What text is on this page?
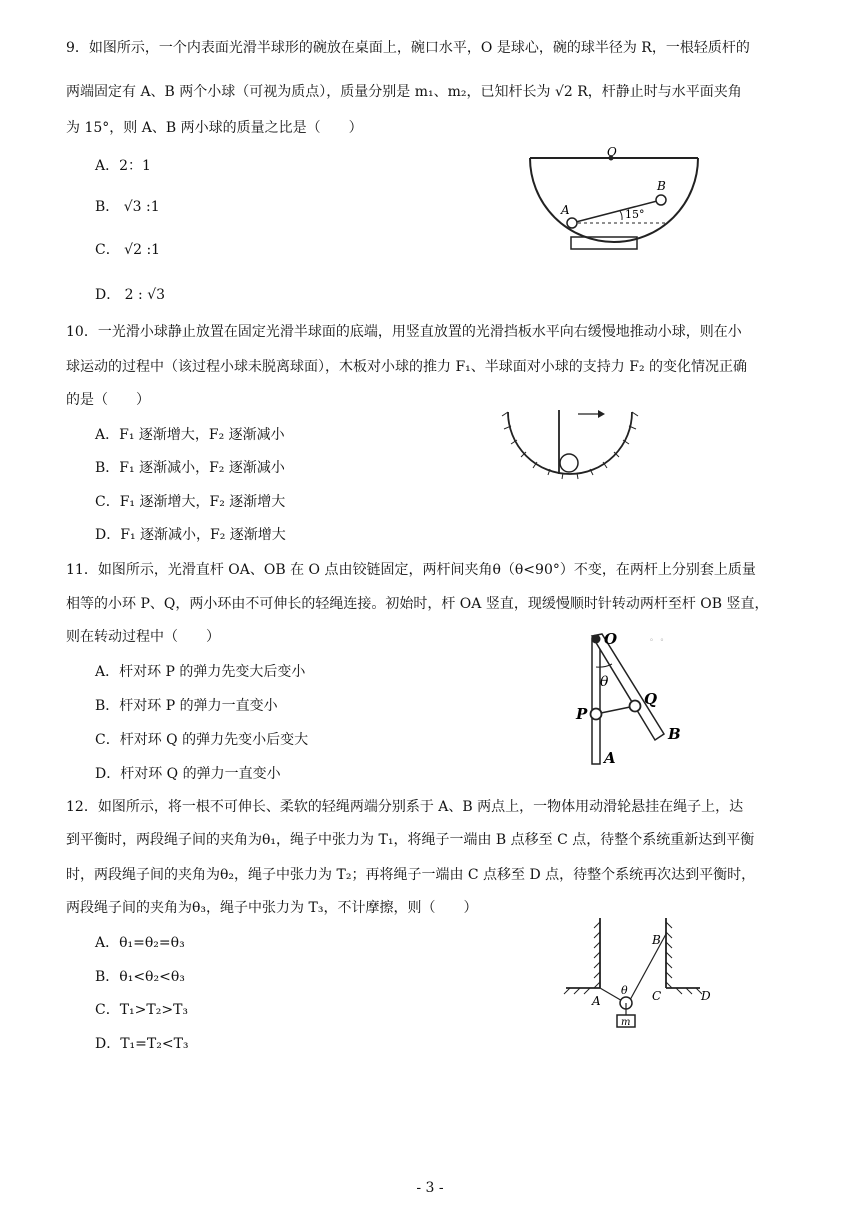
9．如图所示，一个内表面光滑半球形的碗放在桌面上，碗口水平，O 是球心，碗的球半径为 R，一根轻质杆的
两端固定有 A、B 两个小球（可视为质点），质量分别是 m₁、m₂，已知杆长为 √2 R，杆静止时与水平面夹角
为 15°，则 A、B 两小球的质量之比是（　　）
A．2：1
B． √3 :1
C． √2 :1
D． 2 : √3
O
A
B
15°
10．一光滑小球静止放置在固定光滑半球面的底端，用竖直放置的光滑挡板水平向右缓慢地推动小球，则在小
球运动的过程中（该过程小球未脱离球面），木板对小球的推力 F₁、半球面对小球的支持力 F₂ 的变化情况正确
的是（　　）
A．F₁ 逐渐增大，F₂ 逐渐减小
B．F₁ 逐渐减小，F₂ 逐渐减小
C．F₁ 逐渐增大，F₂ 逐渐增大
D．F₁ 逐渐减小，F₂ 逐渐增大
11．如图所示，光滑直杆 OA、OB 在 O 点由铰链固定，两杆间夹角θ（θ<90°）不变，在两杆上分别套上质量
相等的小环 P、Q，两小环由不可伸长的轻绳连接。初始时，杆 OA 竖直，现缓慢顺时针转动两杆至杆 OB 竖直，
则在转动过程中（　　）
A．杆对环 P 的弹力先变大后变小
B．杆对环 P 的弹力一直变小
C．杆对环 Q 的弹力先变小后变大
D．杆对环 Q 的弹力一直变小
O
θ
P
Q
B
A
。 。
12．如图所示，将一根不可伸长、柔软的轻绳两端分别系于 A、B 两点上，一物体用动滑轮悬挂在绳子上，达
到平衡时，两段绳子间的夹角为θ₁，绳子中张力为 T₁，将绳子一端由 B 点移至 C 点，待整个系统重新达到平衡
时，两段绳子间的夹角为θ₂，绳子中张力为 T₂；再将绳子一端由 C 点移至 D 点，待整个系统再次达到平衡时，
两段绳子间的夹角为θ₃，绳子中张力为 T₃，不计摩擦，则（　　）
A．θ₁=θ₂=θ₃
B．θ₁<θ₂<θ₃
C．T₁>T₂>T₃
D．T₁=T₂<T₃
m
B
A
θ C	D
- 3 -
